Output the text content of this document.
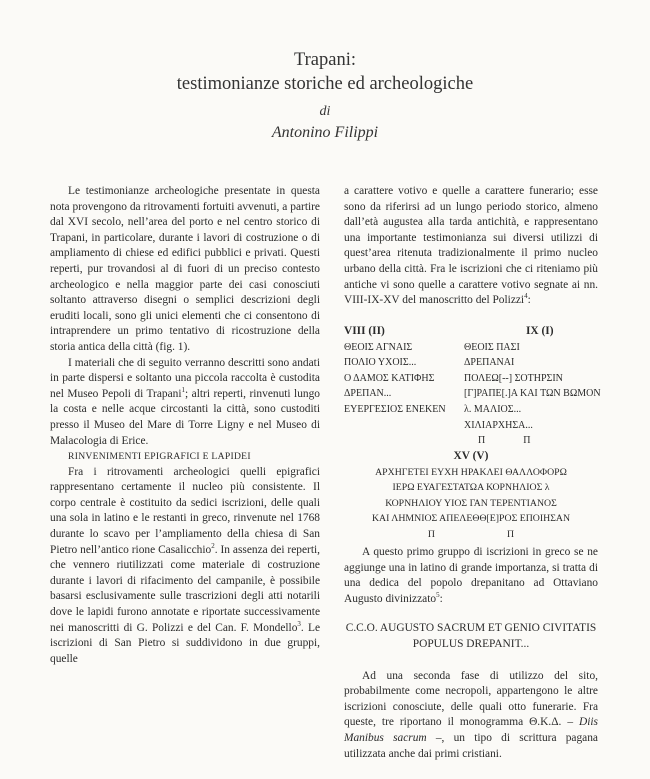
Trapani:
testimonianze storiche ed archeologiche
di
Antonino Filippi

Le testimonianze archeologiche presentate in questa nota provengono da ritrovamenti fortuiti avvenuti, a partire dal XVI secolo, nell’area del porto e nel centro storico di Trapani, in particolare, durante i lavori di costruzione o di ampliamento di chiese ed edifici pubblici e privati. Questi reperti, pur trovandosi al di fuori di un preciso contesto archeologico e nella maggior parte dei casi conosciuti soltanto attraverso disegni o semplici descrizioni degli eruditi locali, sono gli unici elementi che ci consentono di intraprendere un primo tentativo di ricostruzione della storia antica della città (fig. 1).

I materiali che di seguito verranno descritti sono andati in parte dispersi e soltanto una piccola raccolta è custodita nel Museo Pepoli di Trapani$^1$; altri reperti, rinvenuti lungo la costa e nelle acque circostanti la città, sono custoditi presso il Museo del Mare di Torre Ligny e nel Museo di Malacologia di Erice.

RINVENIMENTI EPIGRAFICI E LAPIDEI

Fra i ritrovamenti archeologici quelli epigrafici rappresentano certamente il nucleo più consistente. Il corpo centrale è costituito da sedici iscrizioni, delle quali una sola in latino e le restanti in greco, rinvenute nel 1768 durante lo scavo per l’ampliamento della chiesa di San Pietro nell’antico rione Casalicchio$^2$. In assenza dei reperti, che vennero riutilizzati come materiale di costruzione durante i lavori di rifacimento del campanile, è possibile basarsi esclusivamente sulle trascrizioni degli atti notarili dove le lapidi furono annotate e riportate successivamente nei manoscritti di G. Polizzi e del Can. F. Mondello$^3$. Le iscrizioni di San Pietro si suddividono in due gruppi, quelle

a carattere votivo e quelle a carattere funerario; esse sono da riferirsi ad un lungo periodo storico, almeno dall’età augustea alla tarda antichità, e rappresentano una importante testimonianza sui diversi utilizzi di quest’area ritenuta tradizionalmente il primo nucleo urbano della città. Fra le iscrizioni che ci riteniamo più antiche vi sono quelle a carattere votivo segnate ai nn. VIII-IX-XV del manoscritto del Polizzi$^4$:

VIII (II)
ΘΕΟΙΣ ΑΓΝΑΙΣ
ΠΟΛΙΟ ΥΧΟΙΣ...
Ο ΔΑΜΟΣ ΚΑΤΙΦΗΣ
ΔΡΕΠΑΝ...
ΕΥΕΡΓΕΣΙΟΣ ΕΝΕΚΕΝ
IX (I)
ΘΕΟΙΣ ΠΑΣΙ
ΔΡΕΠΑΝΑΙ
ΠΟΛΕΩ[--] ΣΟΤΗΡΣΙΝ
[Γ]ΡΑΠΕ[.]Α ΚΑΙ ΤΩΝ ΒΩΜΟΝ
λ. ΜΑΛΙΟΣ...
ΧΙΛΙΑΡΧΗΣΑ...
Π	Π
XV (V)
ΑΡΧΗΓΕΤΕΙ ΕΥΧΗ ΗΡΑΚΛΕΙ ΘΑΛΛΟΦΟΡΩ
ΙΕΡΩ ΕΥΑΓΕΣΤΑΤΩΑ ΚΟΡΝΗΛΙΟΣ λ
ΚΟΡΝΗΛΙΟΥ ΥΙΟΣ ΓΑΝ ΤΕΡΕΝΤΙΑΝΟΣ
ΚΑΙ ΛΗΜΝΙΟΣ ΑΠΕΛΕΘΘ[Ε]ΡΟΣ ΕΠΟΙΗΣΑΝ
Π	Π

A questo primo gruppo di iscrizioni in greco se ne aggiunge una in latino di grande importanza, si tratta di una dedica del popolo drepanitano ad Ottaviano Augusto divinizzato$^5$:

C.C.O. AUGUSTO SACRUM ET GENIO CIVITATIS
POPULUS DREPANIT...

Ad una seconda fase di utilizzo del sito, probabilmente come necropoli, appartengono le altre iscrizioni conosciute, delle quali otto funerarie. Fra queste, tre riportano il monogramma Θ.Κ.Δ. – Diis Manibus sacrum –, un tipo di scrittura pagana utilizzata anche dai primi cristiani.
